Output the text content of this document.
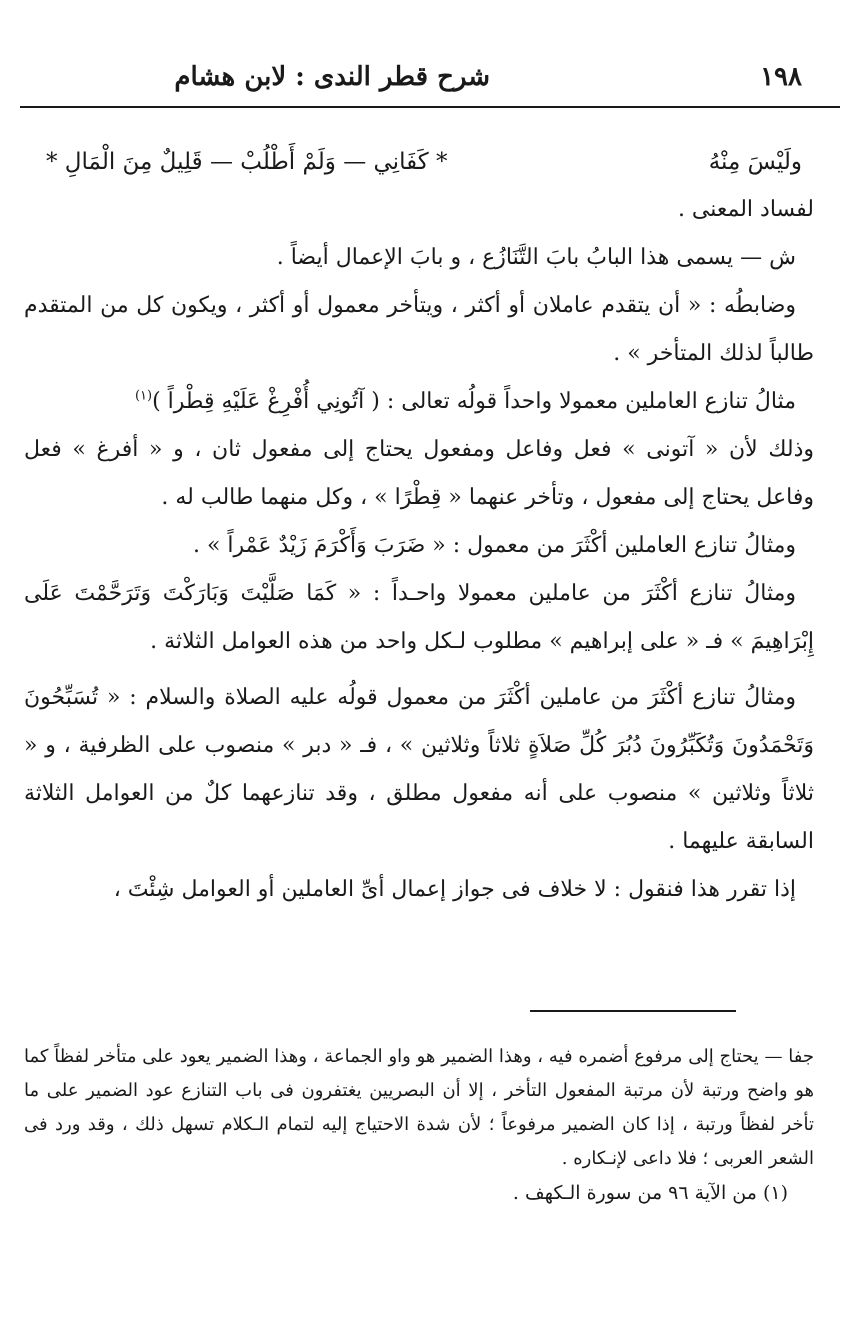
١٩٨
شرح قطر الندى : لابن هشام
ولَيْسَ مِنْهُ
* كَفَانِي — وَلَمْ أَطْلُبْ — قَلِيلٌ مِنَ الْمَالِ *

لفساد المعنى .

ش — يسمى هذا البابُ بابَ التَّنَازُع ، و بابَ الإعمال أيضاً .

وضابطُه : « أن يتقدم عاملان أو أكثر ، ويتأخر معمول أو أكثر ، ويكون كل من المتقدم طالباً لذلك المتأخر » .

مثالُ تنازع العاملين معمولا واحداً قولُه تعالى : ( آتُونِي أُفْرِغْ عَلَيْهِ قِطْراً )$^{(١)}$

وذلك لأن « آتونى » فعل وفاعل ومفعول يحتاج إلى مفعول ثان ، و « أفرغ » فعل وفاعل يحتاج إلى مفعول ، وتأخر عنهما « قِطْرًا » ، وكل منهما طالب له .

ومثالُ تنازع العاملين أكْثَرَ من معمول : « ضَرَبَ وَأَكْرَمَ زَيْدٌ عَمْراً » .

ومثالُ تنازع أكْثَرَ من عاملين معمولا واحـداً : « كَمَا صَلَّيْتَ وَبَارَكْتَ وَتَرَحَّمْتَ عَلَى إِبْرَاهِيمَ » فـ « على إبراهيم » مطلوب لـكل واحد من هذه العوامل الثلاثة .

ومثالُ تنازع أكْثَرَ من عاملين أكْثَرَ من معمول قولُه عليه الصلاة والسلام : « تُسَبِّحُونَ وَتَحْمَدُونَ وَتُكَبِّرُونَ دُبُرَ كُلِّ صَلاَةٍ ثلاثاً وثلاثين » ، فـ « دبر » منصوب على الظرفية ، و « ثلاثاً وثلاثين » منصوب على أنه مفعول مطلق ، وقد تنازعهما كلٌ من العوامل الثلاثة السابقة عليهما .

إذا تقرر هذا فنقول : لا خلاف فى جواز إعمال أىِّ العاملين أو العوامل شِئْتَ ،

جفا — يحتاج إلى مرفوع أضمره فيه ، وهذا الضمير هو واو الجماعة ، وهذا الضمير يعود على متأخر لفظاً كما هو واضح ورتبة لأن مرتبة المفعول التأخر ، إلا أن البصريين يغتفرون فى باب التنازع عود الضمير على ما تأخر لفظاً ورتبة ، إذا كان الضمير مرفوعاً ؛ لأن شدة الاحتياج إليه لتمام الـكلام تسهل ذلك ، وقد ورد فى الشعر العربى ؛ فلا داعى لإنـكاره .

(١) من الآية ٩٦ من سورة الـكهف .
